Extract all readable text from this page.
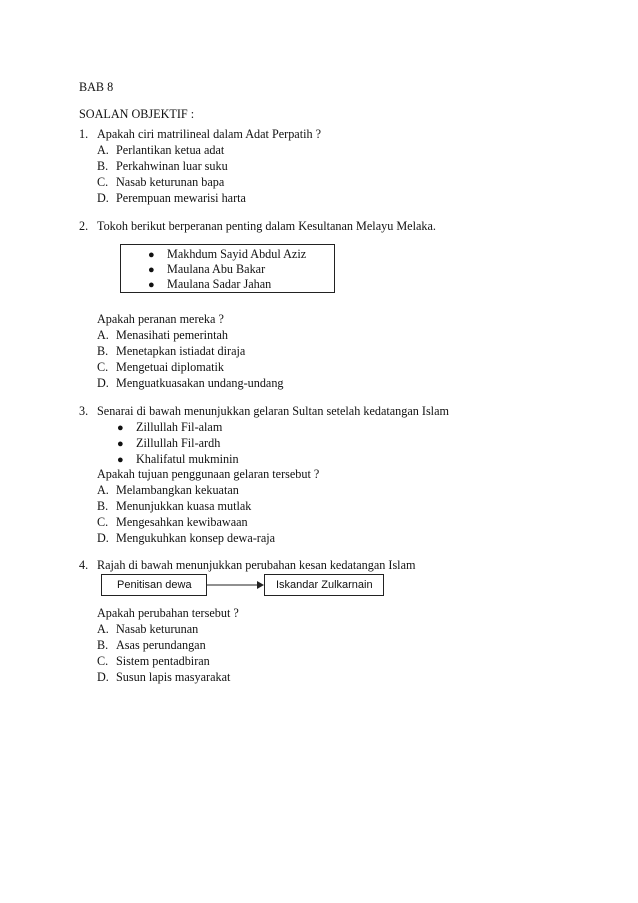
BAB 8
SOALAN OBJEKTIF :
1. Apakah ciri matrilineal dalam Adat Perpatih ?
A. Perlantikan ketua adat
B. Perkahwinan luar suku
C. Nasab keturunan bapa
D. Perempuan mewarisi harta
2. Tokoh berikut berperanan penting dalam Kesultanan Melayu Melaka.
● Makhdum Sayid Abdul Aziz
● Maulana Abu Bakar
● Maulana Sadar Jahan
Apakah peranan mereka ?
A. Menasihati pemerintah
B. Menetapkan istiadat diraja
C. Mengetuai diplomatik
D. Menguatkuasakan undang-undang
3. Senarai di bawah menunjukkan gelaran Sultan setelah kedatangan Islam
● Zillullah Fil-alam
● Zillullah Fil-ardh
● Khalifatul mukminin
Apakah tujuan penggunaan gelaran tersebut ?
A. Melambangkan kekuatan
B. Menunjukkan kuasa mutlak
C. Mengesahkan kewibawaan
D. Mengukuhkan konsep dewa-raja
4. Rajah di bawah menunjukkan perubahan kesan kedatangan Islam
Penitisan dewa	Iskandar Zulkarnain
Apakah perubahan tersebut ?
A. Nasab keturunan
B. Asas perundangan
C. Sistem pentadbiran
D. Susun lapis masyarakat
